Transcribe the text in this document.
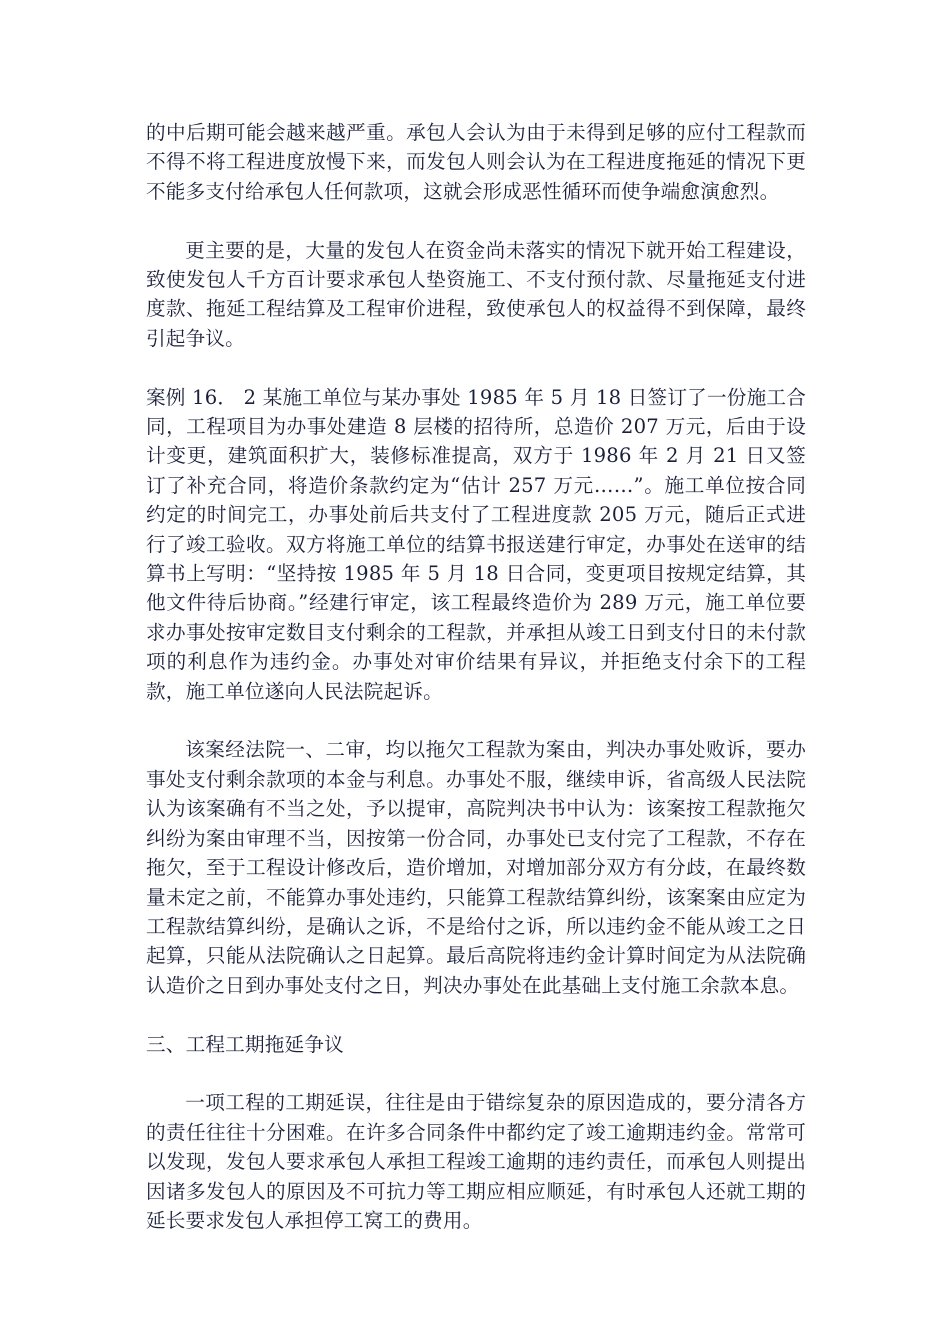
的中后期可能会越来越严重。承包人会认为由于未得到足够的应付工程款而不得不将工程进度放慢下来，而发包人则会认为在工程进度拖延的情况下更不能多支付给承包人任何款项，这就会形成恶性循环而使争端愈演愈烈。

更主要的是，大量的发包人在资金尚未落实的情况下就开始工程建设，致使发包人千方百计要求承包人垫资施工、不支付预付款、尽量拖延支付进度款、拖延工程结算及工程审价进程，致使承包人的权益得不到保障，最终引起争议。

案例 16． 2 某施工单位与某办事处 1985 年 5 月 18 日签订了一份施工合同，工程项目为办事处建造 8 层楼的招待所，总造价 207 万元，后由于设计变更，建筑面积扩大，装修标准提高，双方于 1986 年 2 月 21 日又签订了补充合同，将造价条款约定为“估计 257 万元……”。施工单位按合同约定的时间完工，办事处前后共支付了工程进度款 205 万元，随后正式进行了竣工验收。双方将施工单位的结算书报送建行审定，办事处在送审的结算书上写明：“坚持按 1985 年 5 月 18 日合同，变更项目按规定结算，其他文件待后协商。”经建行审定，该工程最终造价为 289 万元，施工单位要求办事处按审定数目支付剩余的工程款，并承担从竣工日到支付日的未付款项的利息作为违约金。办事处对审价结果有异议，并拒绝支付余下的工程款，施工单位遂向人民法院起诉。

该案经法院一、二审，均以拖欠工程款为案由，判决办事处败诉，要办事处支付剩余款项的本金与利息。办事处不服，继续申诉，省高级人民法院认为该案确有不当之处，予以提审，高院判决书中认为：该案按工程款拖欠纠纷为案由审理不当，因按第一份合同，办事处已支付完了工程款，不存在拖欠，至于工程设计修改后，造价增加，对增加部分双方有分歧，在最终数量未定之前，不能算办事处违约，只能算工程款结算纠纷，该案案由应定为工程款结算纠纷，是确认之诉，不是给付之诉，所以违约金不能从竣工之日起算，只能从法院确认之日起算。最后高院将违约金计算时间定为从法院确认造价之日到办事处支付之日，判决办事处在此基础上支付施工余款本息。

三、工程工期拖延争议

一项工程的工期延误，往往是由于错综复杂的原因造成的，要分清各方的责任往往十分困难。在许多合同条件中都约定了竣工逾期违约金。常常可以发现，发包人要求承包人承担工程竣工逾期的违约责任，而承包人则提出因诸多发包人的原因及不可抗力等工期应相应顺延，有时承包人还就工期的延长要求发包人承担停工窝工的费用。
